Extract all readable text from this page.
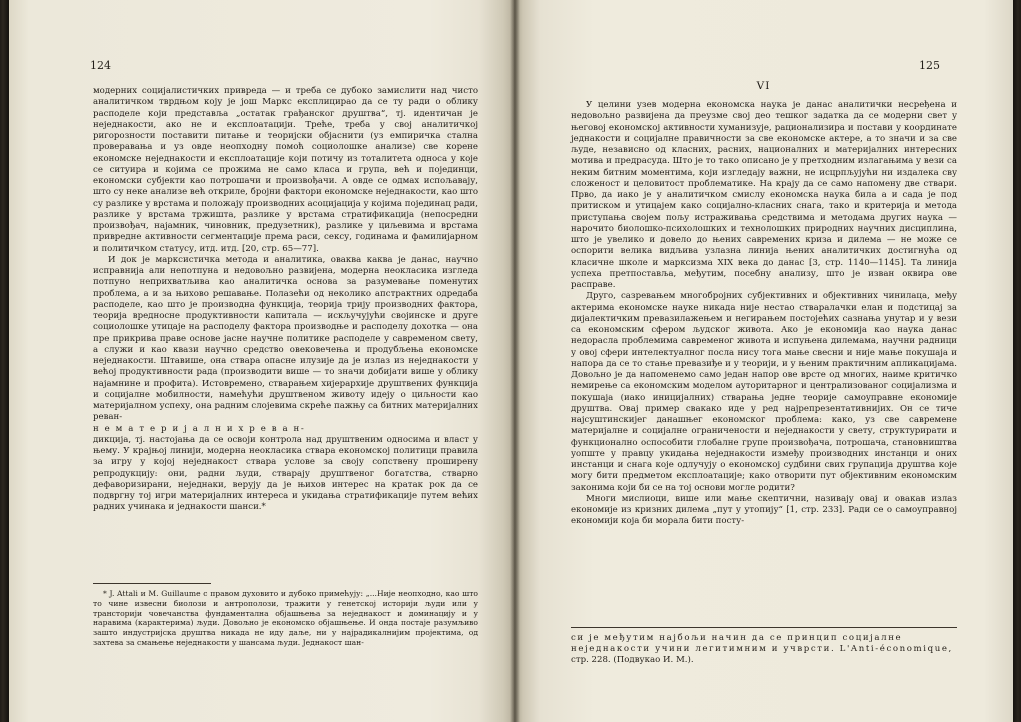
124

модерних социјалистичких привреда — и треба се дубоко замислити над чисто аналитичком тврдњом коју је још Маркс експлицирао да се ту ради о облику расподеле који представља „остатак грађанског друштва“, тј. идентичан је неједнакости, ако не и експлоатацији. Треће, треба у свој аналитичкој ригорозности поставити питање и теоријски објаснити (уз емпиричка стална проверавања и уз овде неопходну помоћ социолошке анализе) све корене економске неједнакости и експлоатације који потичу из тоталитета односа у које се ситуира и којима се прожима не само класа и група, већ и појединци, економски субјекти као потрошачи и произвођачи. А овде се одмах испољавају, што су неке анализе већ откриле, бројни фактори економске неједнакости, као што су разлике у врстама и положају производних асоцијација у којима појединац ради, разлике у врстама тржишта, разлике у врстама стратификација (непосредни произвођач, најамник, чиновник, предузетник), разлике у циљевима и врстама привредне активности сегментације према раси, сексу, годинама и фамилијарном и политичком статусу, итд. итд. [20, стр. 65—77].

И док је марксистичка метода и аналитика, оваква каква је данас, научно исправнија али непотпуна и недовољно развијена, модерна неокласика изгледа потпуно неприхватљива као аналитичка основа за разумевање поменутих проблема, а и за њихово решавање. Полазећи од неколико апстрактних одредаба расподеле, као што је производна функција, теорија трију производних фактора, теорија вредносне продуктивности капитала — искључујући својинске и друге социолошке утицаје на расподелу фактора производње и расподелу дохотка — она пре прикрива праве основе јасне научне политике расподеле у савременом свету, а служи и као квази научно средство овековечења и продубљења економске неједнакости. Штавише, она ствара опасне илузије да је излаз из неједнакости у већој продуктивности рада (производити више — то значи добијати више у облику најамнине и профита). Истовремено, стварањем хијерархије друштвених функција и социјалне мобилности, намећући друштвеном животу идеју о циљности као материјалном успеху, она радним слојевима скреће пажњу са битних материјалних реван-

н е м а т е р и ј а л н и х р е в а н-

дикција, тј. настојања да се освоји контрола над друштвеним односима и власт у њему. У крајњој линији, модерна неокласика ствара економској политици правила за игру у којој неједнакост ствара услове за своју сопствену проширену репродукцију: они, радни људи, стварају друштвеног богатства, стварно дефаворизирани, неједнаки, верују да је њихов интерес на кратак рок да се подвргну тој игри материјалних интереса и укидања стратификације путем већих радних учинака и једнакости шанси.*

* J. Attali и M. Guillaume с правом духовито и дубоко примећују: „...Није неопходно, као што то чине извесни биолози и антрополози, тражити у генетској историји људи или у трансторији човечанства фундаментална објашњења за неједнакост и доминацију и у наравима (карактерима) људи. Довољно је економско објашњење. И онда постаје разумљиво зашто индустријска друштва никада не иду даље, ни у најрадикалнијим пројектима, од захтева за смањење неједнакости у шансама људи. Једнакост шан-

125
VI

У целини узев модерна економска наука је данас аналитички несређена и недовољно развијена да преузме свој део тешког задатка да се модерни свет у његовој економској активности хуманизује, рационализира и постави у координате једнакости и социјалне правичности за све економске актере, а то значи и за све људе, независно од класних, расних, националних и материјалних интересних мотива и предрасуда. Што је то тако описано је у претходним излагањима у вези са неким битним моментима, који изгледају важни, не исцрпљујући ни издалека сву сложеност и целовитост проблематике. На крају да се само напомену две ствари. Прво, да иако је у аналитичком смислу економска наука била а и сада је под притиском и утицајем како социјално-класних снага, тако и критерија и метода приступања својем пољу истраживања средствима и методама других наука — нарочито биолошко-психолошких и технолошких природних научних дисциплина, што је увелико и довело до њених савремених криза и дилема — не може се оспорити велика видљива узлазна линија њених аналитичких достигнућа од класичне школе и марксизма XIX века до данас [3, стр. 1140—1145]. Та линија успеха претпоставља, међутим, посебну анализу, што је изван оквира ове расправе.

Друго, сазревањем многобројних субјективних и објективних чинилаца, међу актерима економске науке никада није нестао стваралачки елан и подстицај за дијалектичким превазилажењем и негирањем постојећих сазнања унутар и у вези са економским сфером људског живота. Ако је економија као наука данас недорасла проблемима савременог живота и испуњена дилемама, научни радници у овој сфери интелектуалног посла нису тога мање свесни и није мање покушаја и напора да се то стање превазиђе и у теорији, и у њеним практичним апликацијама. Довољно је да напоменемо само један напор ове врсте од многих, наиме критичко немирење са економским моделом ауторитарног и централизованог социјализма и покушаја (иако иницијалних) стварања једне теорије самоуправне економије друштва. Овај пример свакако иде у ред најрепрезентативнијих. Он се тиче најсуштинскијег данашњег економског проблема: како, уз све савремене материјалне и социјалне ограничености и неједнакости у свету, структурирати и функционално оспособити глобалне групе произвођача, потрошача, становништва уопште у правцу укидања неједнакости између производних инстанци и оних инстанци и снага које одлучују о економској судбини свих групација друштва које могу бити предметом експлоатације; како отворити пут објективним економским законима који би се на тој основи могле родити?

Многи мислиоци, више или мање скептични, називају овај и овакав излаз економије из кризних дилема „пут у утопију“ [1, стр. 233]. Ради се о самоуправној економији која би морала бити посту-

си је међутим најбољи начин да се принцип социјалне

неједнакости учини легитимним и учврсти. L'Anti-économique,

стр. 228. (Подвукао И. М.).
